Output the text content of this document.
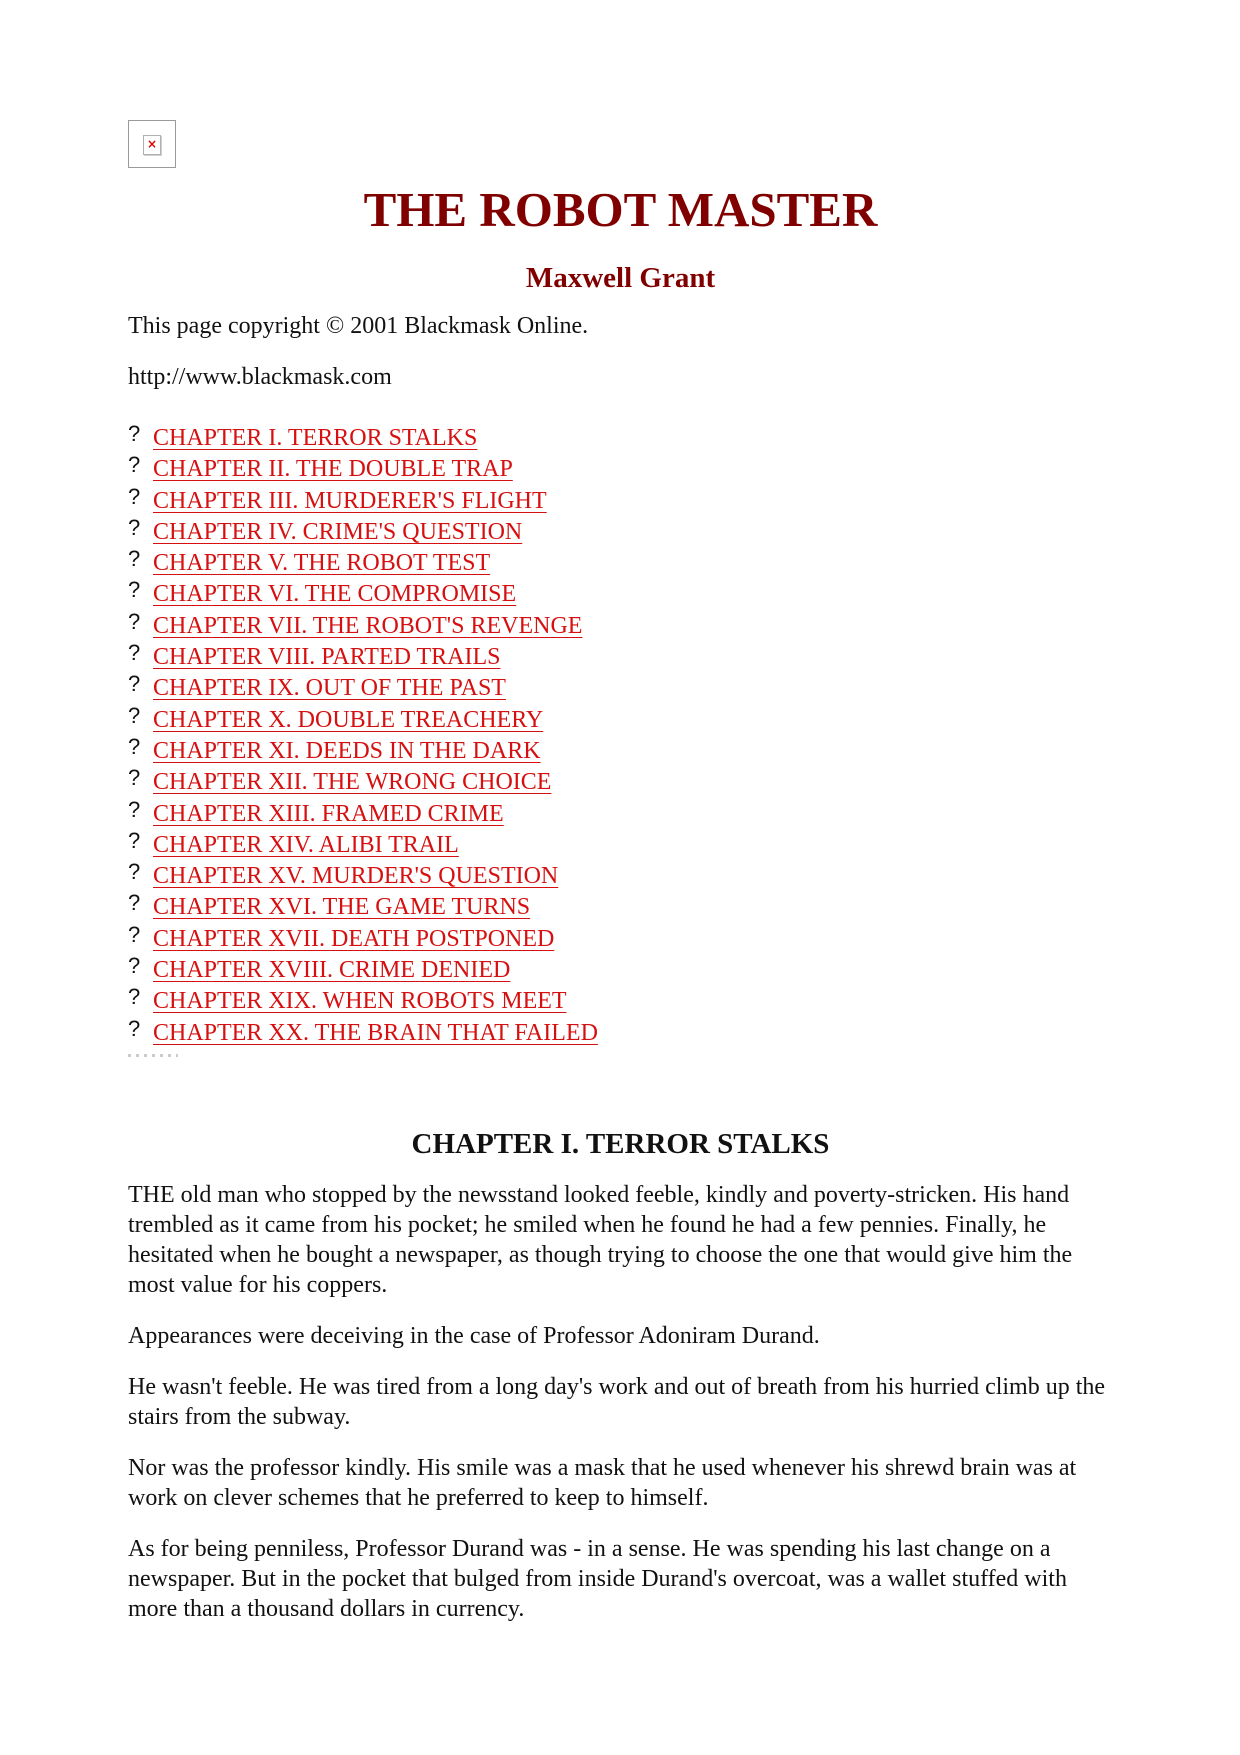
×
THE ROBOT MASTER
Maxwell Grant

This page copyright © 2001 Blackmask Online.

http://www.blackmask.com

? CHAPTER I. TERROR STALKS
? CHAPTER II. THE DOUBLE TRAP
? CHAPTER III. MURDERER'S FLIGHT
? CHAPTER IV. CRIME'S QUESTION
? CHAPTER V. THE ROBOT TEST
? CHAPTER VI. THE COMPROMISE
? CHAPTER VII. THE ROBOT'S REVENGE
? CHAPTER VIII. PARTED TRAILS
? CHAPTER IX. OUT OF THE PAST
? CHAPTER X. DOUBLE TREACHERY
? CHAPTER XI. DEEDS IN THE DARK
? CHAPTER XII. THE WRONG CHOICE
? CHAPTER XIII. FRAMED CRIME
? CHAPTER XIV. ALIBI TRAIL
? CHAPTER XV. MURDER'S QUESTION
? CHAPTER XVI. THE GAME TURNS
? CHAPTER XVII. DEATH POSTPONED
? CHAPTER XVIII. CRIME DENIED
? CHAPTER XIX. WHEN ROBOTS MEET
? CHAPTER XX. THE BRAIN THAT FAILED
CHAPTER I. TERROR STALKS

THE old man who stopped by the newsstand looked feeble, kindly and poverty-stricken. His hand trembled as it came from his pocket; he smiled when he found he had a few pennies. Finally, he hesitated when he bought a newspaper, as though trying to choose the one that would give him the most value for his coppers.

Appearances were deceiving in the case of Professor Adoniram Durand.

He wasn't feeble. He was tired from a long day's work and out of breath from his hurried climb up the stairs from the subway.

Nor was the professor kindly. His smile was a mask that he used whenever his shrewd brain was at work on clever schemes that he preferred to keep to himself.

As for being penniless, Professor Durand was - in a sense. He was spending his last change on a newspaper. But in the pocket that bulged from inside Durand's overcoat, was a wallet stuffed with more than a thousand dollars in currency.
